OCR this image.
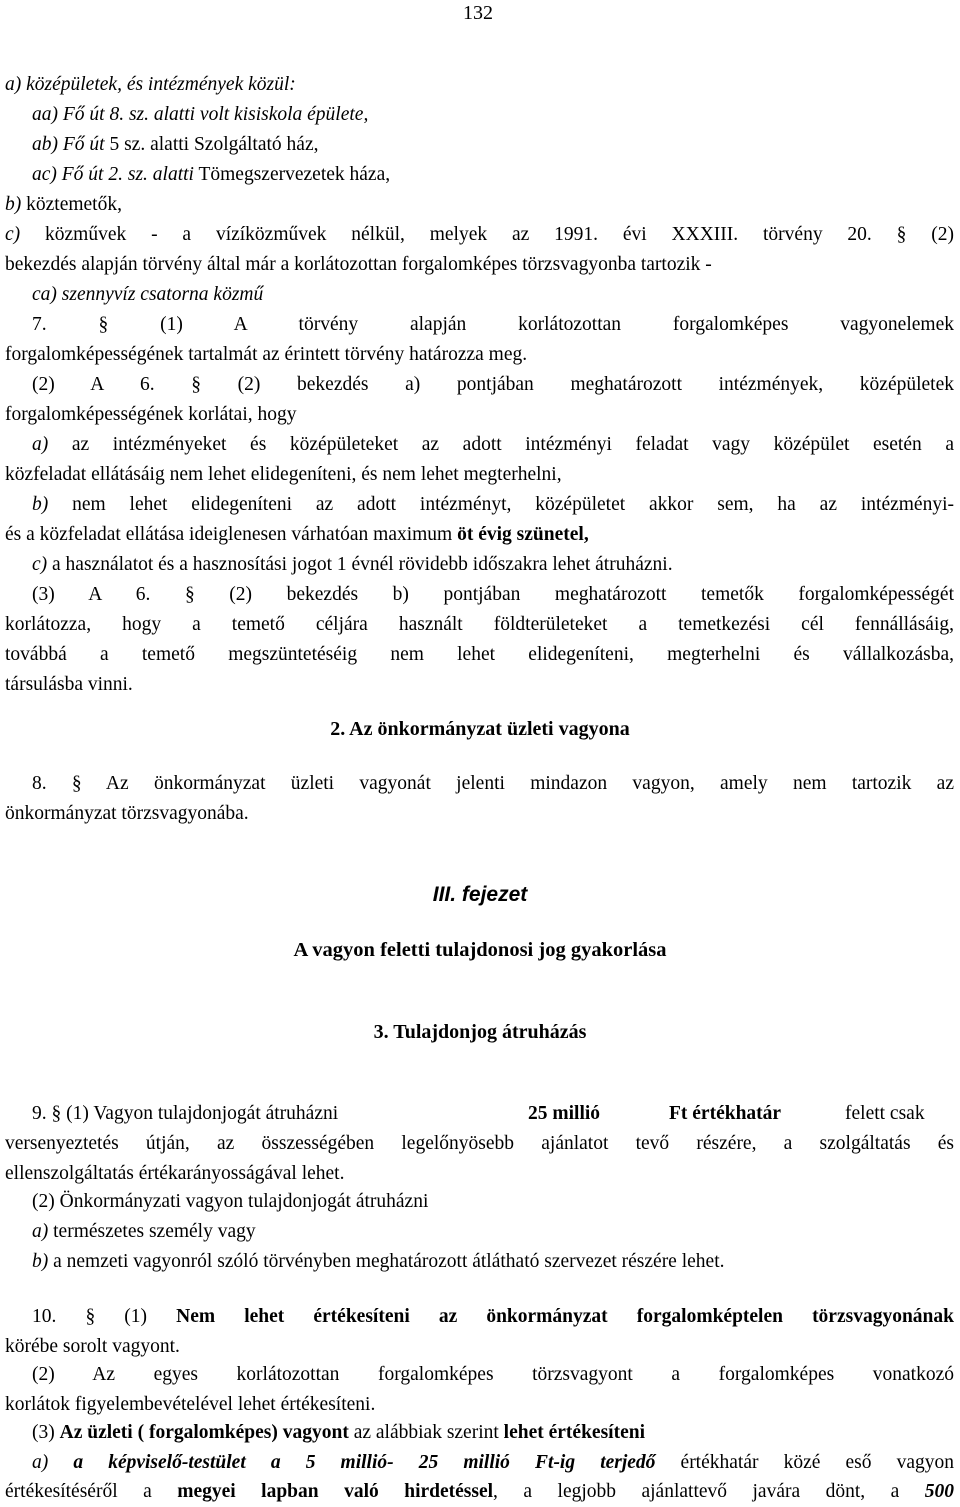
132
a) középületek, és intézmények közül:
aa) Fő út 8. sz. alatti volt kisiskola épülete,
ab) Fő út 5 sz. alatti Szolgáltató ház,
ac) Fő út 2. sz. alatti Tömegszervezetek háza,
b) köztemetők,
c) közművek - a vízíközművek nélkül, melyek az 1991. évi XXXIII. törvény 20. § (2)
bekezdés alapján törvény által már a korlátozottan forgalomképes törzsvagyonba tartozik -
ca) szennyvíz csatorna közmű
7. § (1) A törvény alapján korlátozottan forgalomképes vagyonelemek
forgalomképességének tartalmát az érintett törvény határozza meg.
(2) A 6. § (2) bekezdés a) pontjában meghatározott intézmények, középületek
forgalomképességének korlátai, hogy
a) az intézményeket és középületeket az adott intézményi feladat vagy középület esetén a
közfeladat ellátásáig nem lehet elidegeníteni, és nem lehet megterhelni,
b) nem lehet elidegeníteni az adott intézményt, középületet akkor sem, ha az intézményi-
és a közfeladat ellátása ideiglenesen várhatóan maximum öt évig szünetel,
c) a használatot és a hasznosítási jogot 1 évnél rövidebb időszakra lehet átruházni.
(3) A 6. § (2) bekezdés b) pontjában meghatározott temetők forgalomképességét
korlátozza, hogy a temető céljára használt földterületeket a temetkezési cél fennállásáig,
továbbá a temető megszüntetéséig nem lehet elidegeníteni, megterhelni és vállalkozásba,
társulásba vinni.
2. Az önkormányzat üzleti vagyona
8. § Az önkormányzat üzleti vagyonát jelenti mindazon vagyon, amely nem tartozik az
önkormányzat törzsvagyonába.
III. fejezet
A vagyon feletti tulajdonosi jog gyakorlása
3. Tulajdonjog átruházás
9. § (1) Vagyon tulajdonjogát átruházni	25 millió	Ft értékhatár	felett csak
versenyeztetés útján, az összességében legelőnyösebb ajánlatot tevő részére, a szolgáltatás és
ellenszolgáltatás értékarányosságával lehet.
(2) Önkormányzati vagyon tulajdonjogát átruházni
a) természetes személy vagy
b) a nemzeti vagyonról szóló törvényben meghatározott átlátható szervezet részére lehet.
10. § (1) Nem lehet értékesíteni az önkormányzat forgalomképtelen törzsvagyonának
körébe sorolt vagyont.
(2) Az egyes korlátozottan forgalomképes törzsvagyont a forgalomképes vonatkozó
korlátok figyelembevételével lehet értékesíteni.
(3) Az üzleti ( forgalomképes) vagyont az alábbiak szerint lehet értékesíteni
a) a képviselő-testület a 5 millió- 25 millió Ft-ig terjedő értékhatár közé eső vagyon
értékesítéséről a megyei lapban való hirdetéssel, a legjobb ajánlattevő javára dönt, a 500
